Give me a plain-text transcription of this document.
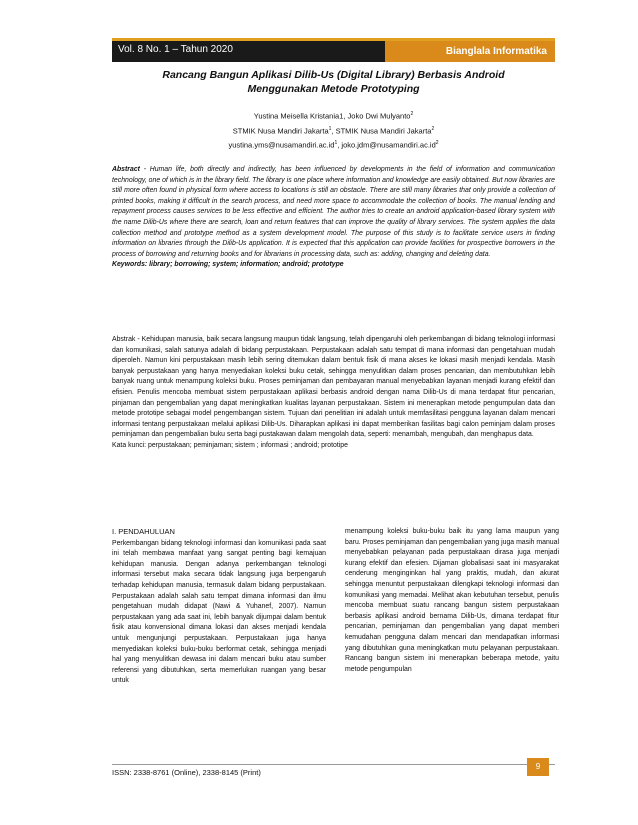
Vol. 8 No. 1 – Tahun 2020	Bianglala Informatika
Rancang Bangun Aplikasi Dilib-Us (Digital Library) Berbasis Android
Menggunakan Metode Prototyping
Yustina Meisella Kristania1, Joko Dwi Mulyanto$^2$
STMIK Nusa Mandiri Jakarta$^1$, STMIK Nusa Mandiri Jakarta$^2$
$yustina.yms@nusamandiri.ac.id^1$, $joko.jdm@nusamandiri.ac.id^2$

Abstract - Human life, both directly and indirectly, has been influenced by developments in the field of information and communication technology, one of which is in the library field. The library is one place where information and knowledge are easily obtained. But now libraries are still more often found in physical form where access to locations is still an obstacle. There are still many libraries that only provide a collection of printed books, making it difficult in the search process, and need more space to accommodate the collection of books. The manual lending and repayment process causes services to be less effective and efficient. The author tries to create an android application-based library system with the name Dilib-Us where there are search, loan and return features that can improve the quality of library services. The system applies the data collection method and prototype method as a system development model. The purpose of this study is to facilitate service users in finding information on libraries through the Dilib-Us application. It is expected that this application can provide facilities for prospective borrowers in the process of borrowing and returning books and for librarians in processing data, such as: adding, changing and deleting data.

Keywords: library; borrowing; system; information; android; prototype

Abstrak - Kehidupan manusia, baik secara langsung maupun tidak langsung, telah dipengaruhi oleh perkembangan di bidang teknologi informasi dan komunikasi, salah satunya adalah di bidang perpustakaan. Perpustakaan adalah satu tempat di mana informasi dan pengetahuan mudah diperoleh. Namun kini perpustakaan masih lebih sering ditemukan dalam bentuk fisik di mana akses ke lokasi masih menjadi kendala. Masih banyak perpustakaan yang hanya menyediakan koleksi buku cetak, sehingga menyulitkan dalam proses pencarian, dan membutuhkan lebih banyak ruang untuk menampung koleksi buku. Proses peminjaman dan pembayaran manual menyebabkan layanan menjadi kurang efektif dan efisien. Penulis mencoba membuat sistem perpustakaan aplikasi berbasis android dengan nama Dilib-Us di mana terdapat fitur pencarian, pinjaman dan pengembalian yang dapat meningkatkan kualitas layanan perpustakaan. Sistem ini menerapkan metode pengumpulan data dan metode prototipe sebagai model pengembangan sistem. Tujuan dari penelitian ini adalah untuk memfasilitasi pengguna layanan dalam mencari informasi tentang perpustakaan melalui aplikasi Dilib-Us. Diharapkan aplikasi ini dapat memberikan fasilitas bagi calon peminjam dalam proses peminjaman dan pengembalian buku serta bagi pustakawan dalam mengolah data, seperti: menambah, mengubah, dan menghapus data.

Kata kunci: perpustakaan; peminjaman; sistem ; informasi ; android; prototipe

I. PENDAHULUAN

Perkembangan bidang teknologi informasi dan komunikasi pada saat ini telah membawa manfaat yang sangat penting bagi kemajuan kehidupan manusia. Dengan adanya perkembangan teknologi informasi tersebut maka secara tidak langsung juga berpengaruh terhadap kehidupan manusia, termasuk dalam bidang perpustakaan. Perpustakaan adalah salah satu tempat dimana informasi dan ilmu pengetahuan mudah didapat (Nawi & Yuhanef, 2007). Namun perpustakaan yang ada saat ini, lebih banyak dijumpai dalam bentuk fisik atau konvensional dimana lokasi dan akses menjadi kendala untuk mengunjungi perpustakaan. Perpustakaan juga hanya menyediakan koleksi buku-buku berformat cetak, sehingga menjadi hal yang menyulitkan dewasa ini dalam mencari buku atau sumber referensi yang dibutuhkan, serta memerlukan ruangan yang besar untuk

menampung koleksi buku-buku baik itu yang lama maupun yang baru. Proses peminjaman dan pengembalian yang juga masih manual menyebabkan pelayanan pada perpustakaan dirasa juga menjadi kurang efektif dan efesien. Dijaman globalisasi saat ini masyarakat cenderung menginginkan hal yang praktis, mudah, dan akurat sehingga menuntut perpustakaan dilengkapi teknologi informasi dan komunikasi yang memadai. Melihat akan kebutuhan tersebut, penulis mencoba membuat suatu rancang bangun sistem perpustakaan berbasis aplikasi android bernama Dilib-Us, dimana terdapat fitur pencarian, peminjaman dan pengembalian yang dapat memberi kemudahan pengguna dalam mencari dan mendapatkan informasi yang dibutuhkan guna meningkatkan mutu pelayanan perpustakaan. Rancang bangun sistem ini menerapkan beberapa metode, yaitu metode pengumpulan

ISSN: 2338-8761 (Online), 2338-8145 (Print)
9
